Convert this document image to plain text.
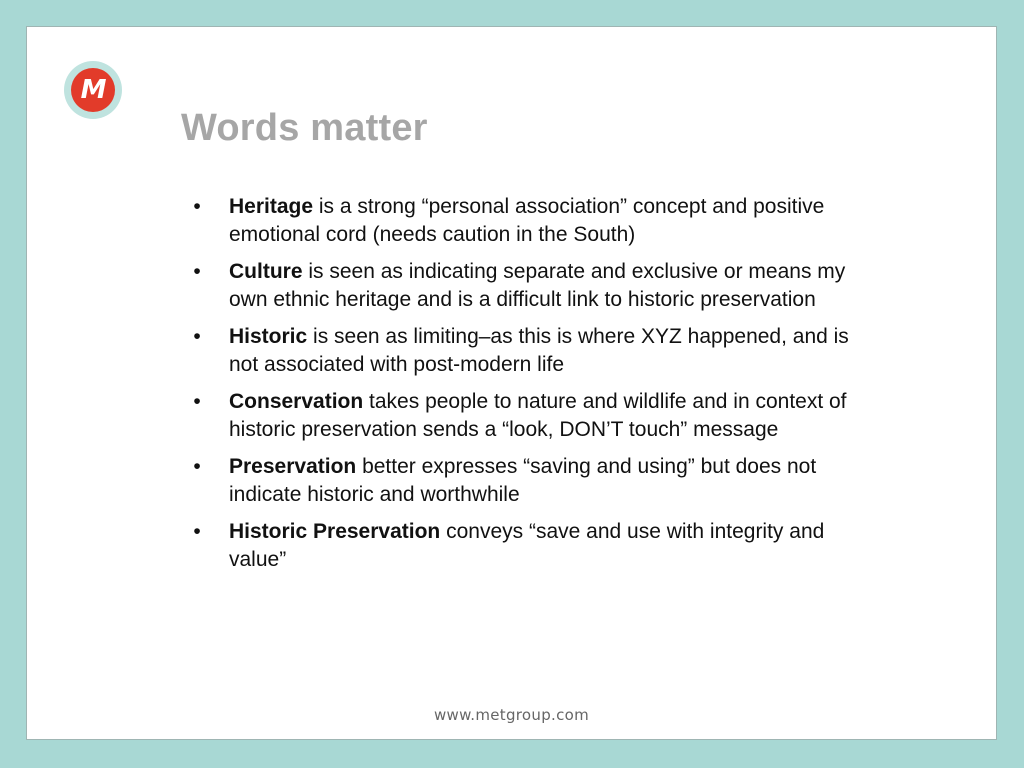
M
Words matter
•	Heritage is a strong “personal association” concept and positive emotional cord (needs caution in the South)
•	Culture is seen as indicating separate and exclusive or means my own ethnic heritage and is a difficult link to historic preservation
•	Historic is seen as limiting–as this is where XYZ happened, and is not associated with post-modern life
•	Conservation takes people to nature and wildlife and in context of historic preservation sends a “look, DON’T touch” message
•	Preservation better expresses “saving and using” but does not indicate historic and worthwhile
•	Historic Preservation conveys “save and use with integrity and value”
www.metgroup.com
